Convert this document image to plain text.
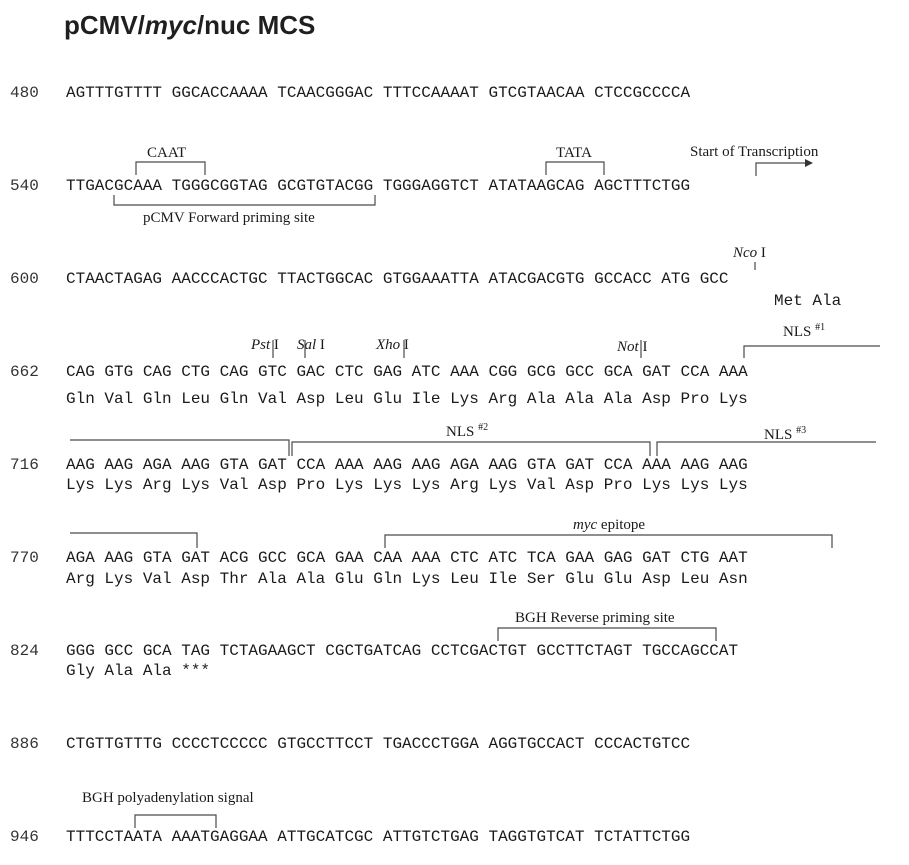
pCMV/myc/nuc MCS
480 AGTTTGTTTT GGCACCAAAA TCAACGGGAC TTTCCAAAAT GTCGTAACAA CTCCGCCCCA
540 TTGACGCAAA TGGGCGGTAG GCGTGTACGG TGGGAGGTCT ATATAAGCAG AGCTTTCTGG
600 CTAACTAGAG AACCCACTGC TTACTGGCAC GTGGAAATTA ATACGACGTG GCCACC ATG GCC
Met Ala
662 CAG GTG CAG CTG CAG GTC GAC CTC GAG ATC AAA CGG GCG GCC GCA GAT CCA AAA
Gln Val Gln Leu Gln Val Asp Leu Glu Ile Lys Arg Ala Ala Ala Asp Pro Lys
716 AAG AAG AGA AAG GTA GAT CCA AAA AAG AAG AGA AAG GTA GAT CCA AAA AAG AAG
Lys Lys Arg Lys Val Asp Pro Lys Lys Lys Arg Lys Val Asp Pro Lys Lys Lys
770 AGA AAG GTA GAT ACG GCC GCA GAA CAA AAA CTC ATC TCA GAA GAG GAT CTG AAT
Arg Lys Val Asp Thr Ala Ala Glu Gln Lys Leu Ile Ser Glu Glu Asp Leu Asn
824 GGG GCC GCA TAG TCTAGAAGCT CGCTGATCAG CCTCGACTGT GCCTTCTAGT TGCCAGCCAT
Gly Ala Ala ***
886 CTGTTGTTTG CCCCTCCCCC GTGCCTTCCT TGACCCTGGA AGGTGCCACT CCCACTGTCC
946 TTTCCTAATA AAATGAGGAA ATTGCATCGC ATTGTCTGAG TAGGTGTCAT TCTATTCTGG
CAAT	TATA	Start of Transcription
pCMV Forward priming site
Nco I
Pst I Sal I	Xho I	Not I
NLS $^{\#1}$
NLS $^{\#2}$	NLS $^{\#3}$
myc epitope
BGH Reverse priming site
BGH polyadenylation signal
